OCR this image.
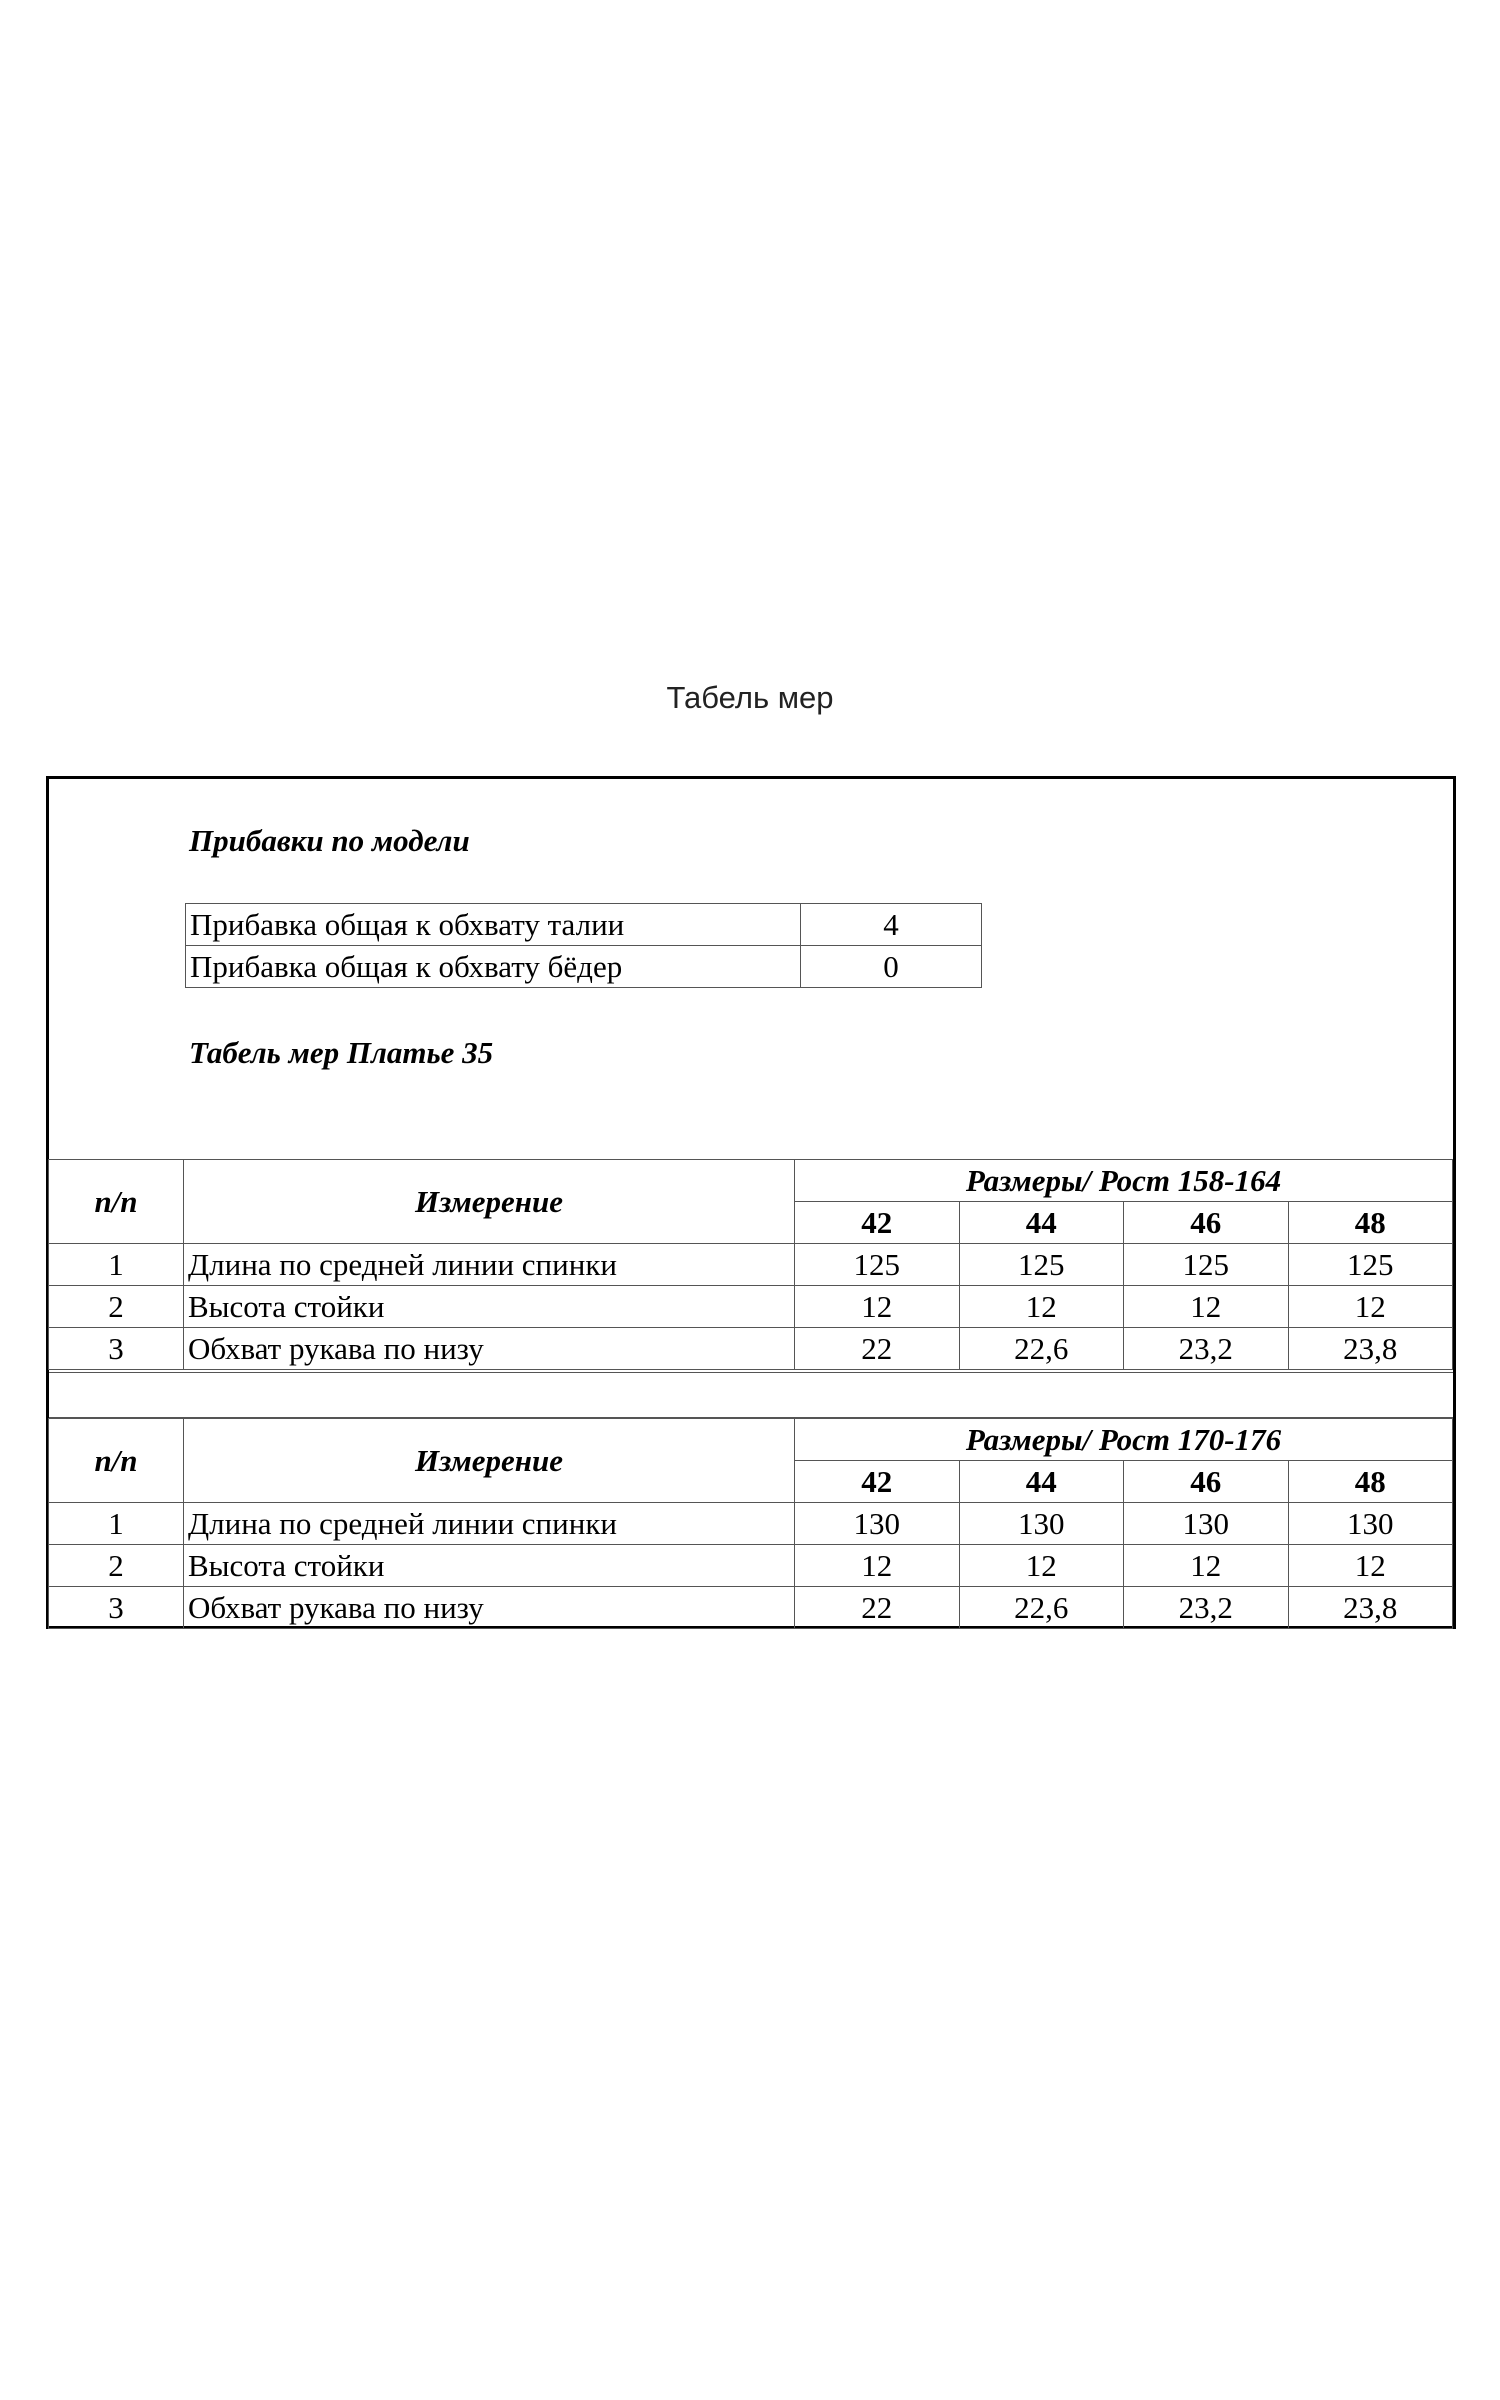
Табель мер
Прибавки по модели
Прибавка общая к обхвату талии	4
Прибавка общая к обхвату бёдер	0
Табель мер Платье 35
п/п	Измерение	Размеры/ Рост 158-164			
		42	44	46	48
1	Длина по средней линии спинки	125	125	125	125
2	Высота стойки	12	12	12	12
3	Обхват рукава по низу	22	22,6	23,2	23,8
п/п	Измерение	Размеры/ Рост 170-176			
		42	44	46	48
1	Длина по средней линии спинки	130	130	130	130
2	Высота стойки	12	12	12	12
3	Обхват рукава по низу	22	22,6	23,2	23,8
